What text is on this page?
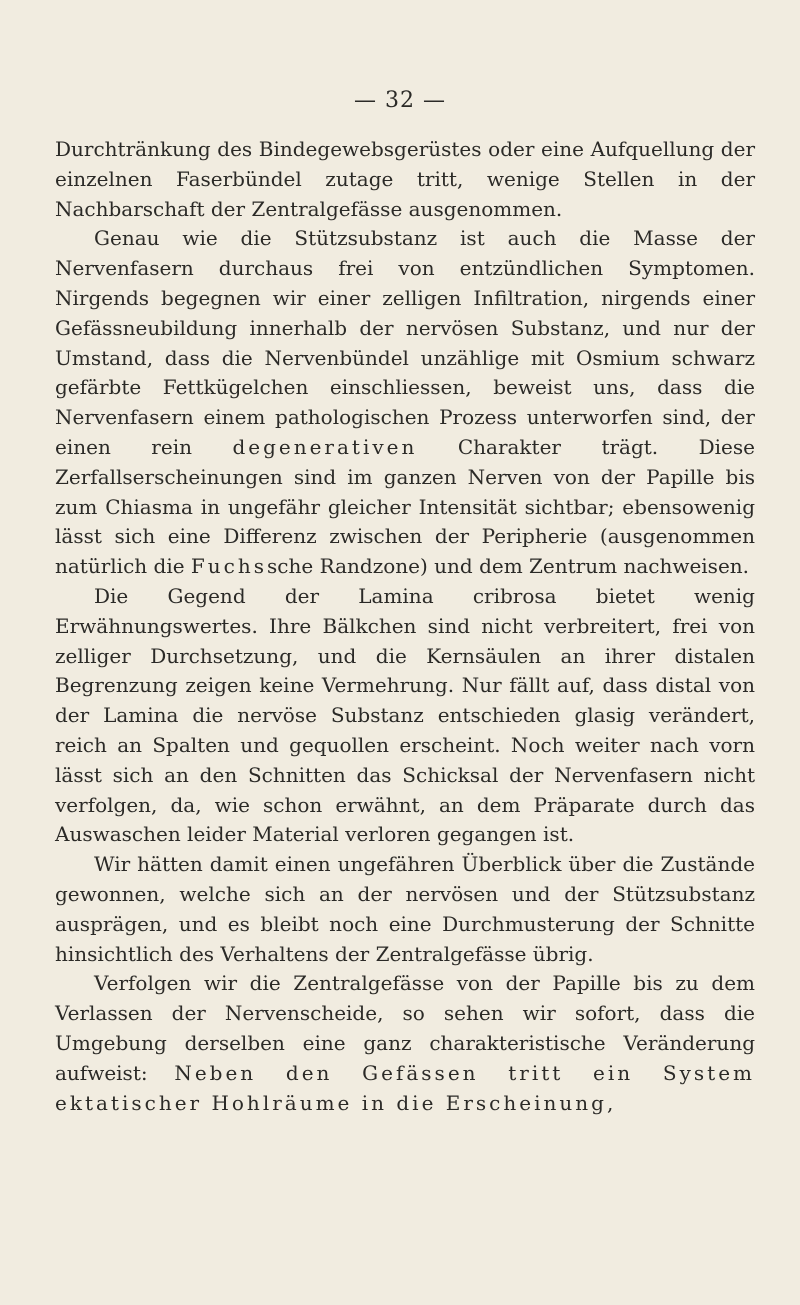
— 32 —

Durchtränkung des Bindegewebsgerüstes oder eine Aufquellung der einzelnen Faserbündel zutage tritt, wenige Stellen in der Nachbarschaft der Zentralgefässe ausgenommen.

Genau wie die Stützsubstanz ist auch die Masse der Nervenfasern durchaus frei von entzündlichen Symptomen. Nirgends begegnen wir einer zelligen Infiltration, nirgends einer Gefässneubildung innerhalb der nervösen Substanz, und nur der Umstand, dass die Nervenbündel unzählige mit Osmium schwarz gefärbte Fettkügelchen einschliessen, beweist uns, dass die Nervenfasern einem pathologischen Prozess unterworfen sind, der einen rein degenerativen Charakter trägt. Diese Zerfallserscheinungen sind im ganzen Nerven von der Papille bis zum Chiasma in ungefähr gleicher Intensität sichtbar; ebensowenig lässt sich eine Differenz zwischen der Peripherie (ausgenommen natürlich die Fuchssche Randzone) und dem Zentrum nachweisen.

Die Gegend der Lamina cribrosa bietet wenig Erwähnungswertes. Ihre Bälkchen sind nicht verbreitert, frei von zelliger Durchsetzung, und die Kernsäulen an ihrer distalen Begrenzung zeigen keine Vermehrung. Nur fällt auf, dass distal von der Lamina die nervöse Substanz entschieden glasig verändert, reich an Spalten und gequollen erscheint. Noch weiter nach vorn lässt sich an den Schnitten das Schicksal der Nervenfasern nicht verfolgen, da, wie schon erwähnt, an dem Präparate durch das Auswaschen leider Material verloren gegangen ist.

Wir hätten damit einen ungefähren Überblick über die Zustände gewonnen, welche sich an der nervösen und der Stützsubstanz ausprägen, und es bleibt noch eine Durchmusterung der Schnitte hinsichtlich des Verhaltens der Zentralgefässe übrig.

Verfolgen wir die Zentralgefässe von der Papille bis zu dem Verlassen der Nervenscheide, so sehen wir sofort, dass die Umgebung derselben eine ganz charakteristische Veränderung aufweist: Neben den Gefässen tritt ein System ektatischer Hohlräume in die Erscheinung,
